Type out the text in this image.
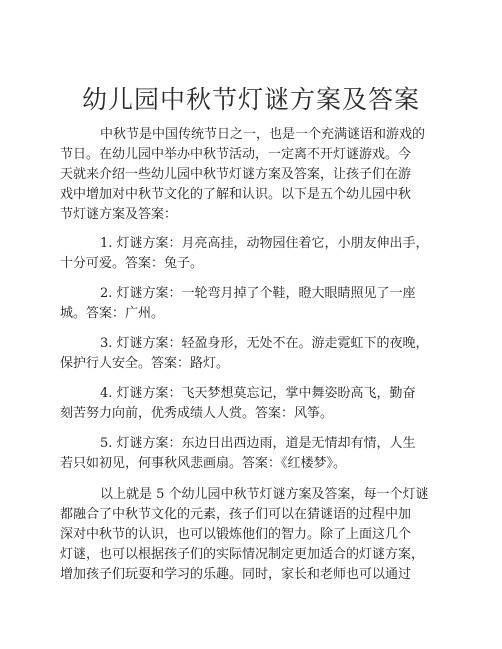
幼儿园中秋节灯谜方案及答案
中秋节是中国传统节日之一，也是一个充满谜语和游戏的
节日。在幼儿园中举办中秋节活动，一定离不开灯谜游戏。今
天就来介绍一些幼儿园中秋节灯谜方案及答案，让孩子们在游
戏中增加对中秋节文化的了解和认识。以下是五个幼儿园中秋
节灯谜方案及答案：
1. 灯谜方案：月亮高挂，动物园住着它，小朋友伸出手，
十分可爱。答案：兔子。
2. 灯谜方案：一轮弯月掉了个鞋，瞪大眼睛照见了一座
城。答案：广州。
3. 灯谜方案：轻盈身形，无处不在。游走霓虹下的夜晚，
保护行人安全。答案：路灯。
4. 灯谜方案：飞天梦想莫忘记，掌中舞姿盼高飞，勤奋
刻苦努力向前，优秀成绩人人赏。答案：风筝。
5. 灯谜方案：东边日出西边雨，道是无情却有情，人生
若只如初见，何事秋风悲画扇。答案：《红楼梦》。
以上就是 5 个幼儿园中秋节灯谜方案及答案，每一个灯谜
都融合了中秋节文化的元素，孩子们可以在猜谜语的过程中加
深对中秋节的认识，也可以锻炼他们的智力。除了上面这几个
灯谜，也可以根据孩子们的实际情况制定更加适合的灯谜方案，
增加孩子们玩耍和学习的乐趣。同时，家长和老师也可以通过
